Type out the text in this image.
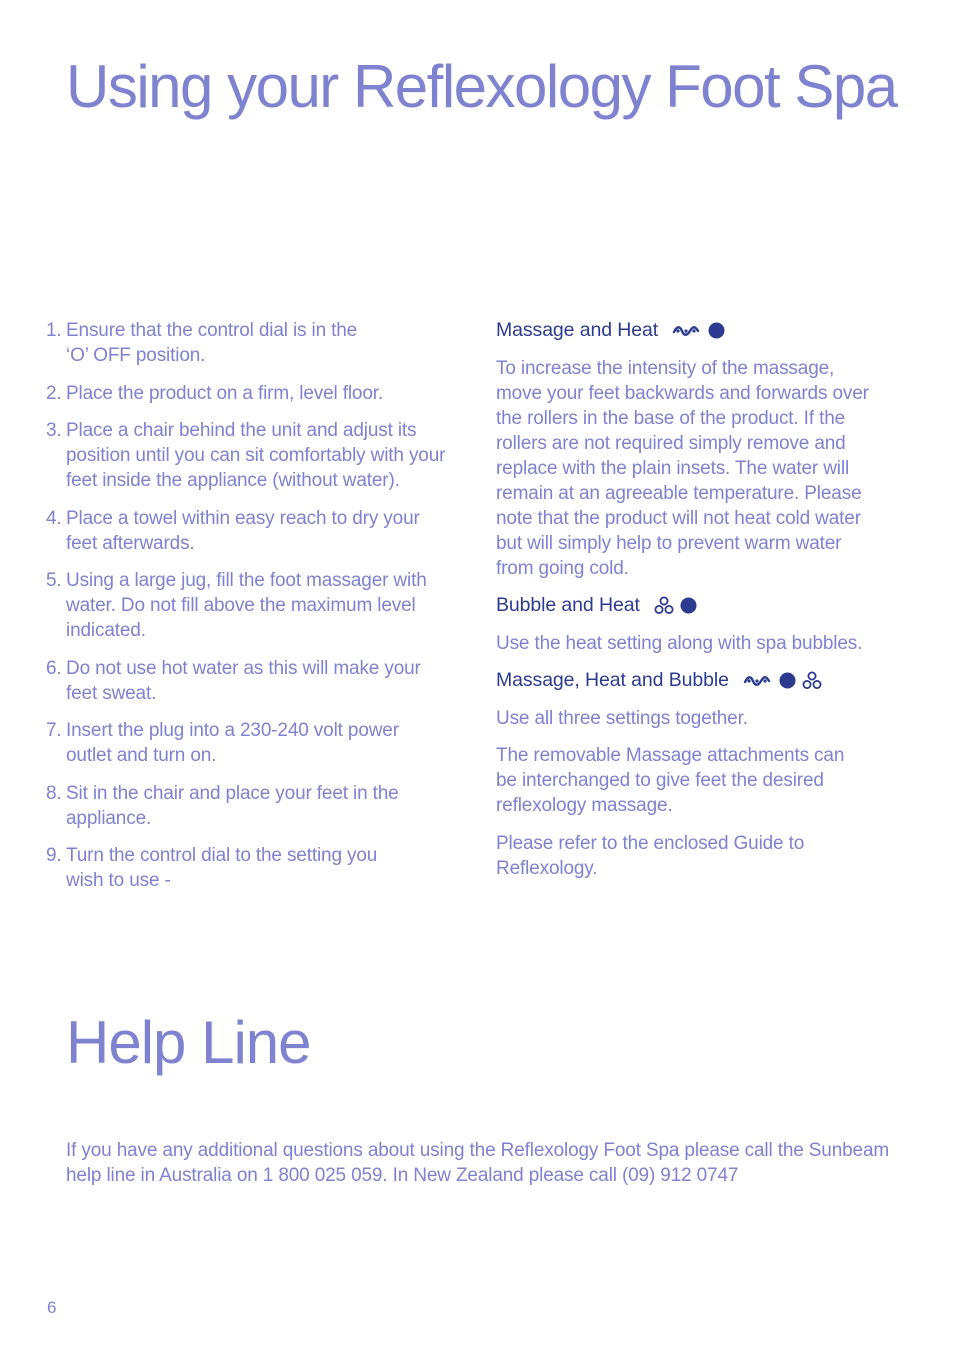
Using your Reflexology Foot Spa
1. Ensure that the control dial is in the ‘O’ OFF position.
2. Place the product on a firm, level floor.
3. Place a chair behind the unit and adjust its position until you can sit comfortably with your feet inside the appliance (without water).
4. Place a towel within easy reach to dry your feet afterwards.
5. Using a large jug, fill the foot massager with water. Do not fill above the maximum level indicated.
6. Do not use hot water as this will make your feet sweat.
7. Insert the plug into a 230-240 volt power outlet and turn on.
8. Sit in the chair and place your feet in the appliance.
9. Turn the control dial to the setting you wish to use -
Massage and Heat

To increase the intensity of the massage, move your feet backwards and forwards over the rollers in the base of the product. If the rollers are not required simply remove and replace with the plain insets. The water will remain at an agreeable temperature. Please note that the product will not heat cold water but will simply help to prevent warm water from going cold.

Bubble and Heat

Use the heat setting along with spa bubbles.

Massage, Heat and Bubble

Use all three settings together.

The removable Massage attachments can be interchanged to give feet the desired reflexology massage.

Please refer to the enclosed Guide to Reflexology.

Help Line

If you have any additional questions about using the Reflexology Foot Spa please call the Sunbeam help line in Australia on 1 800 025 059. In New Zealand please call (09) 912 0747

6
